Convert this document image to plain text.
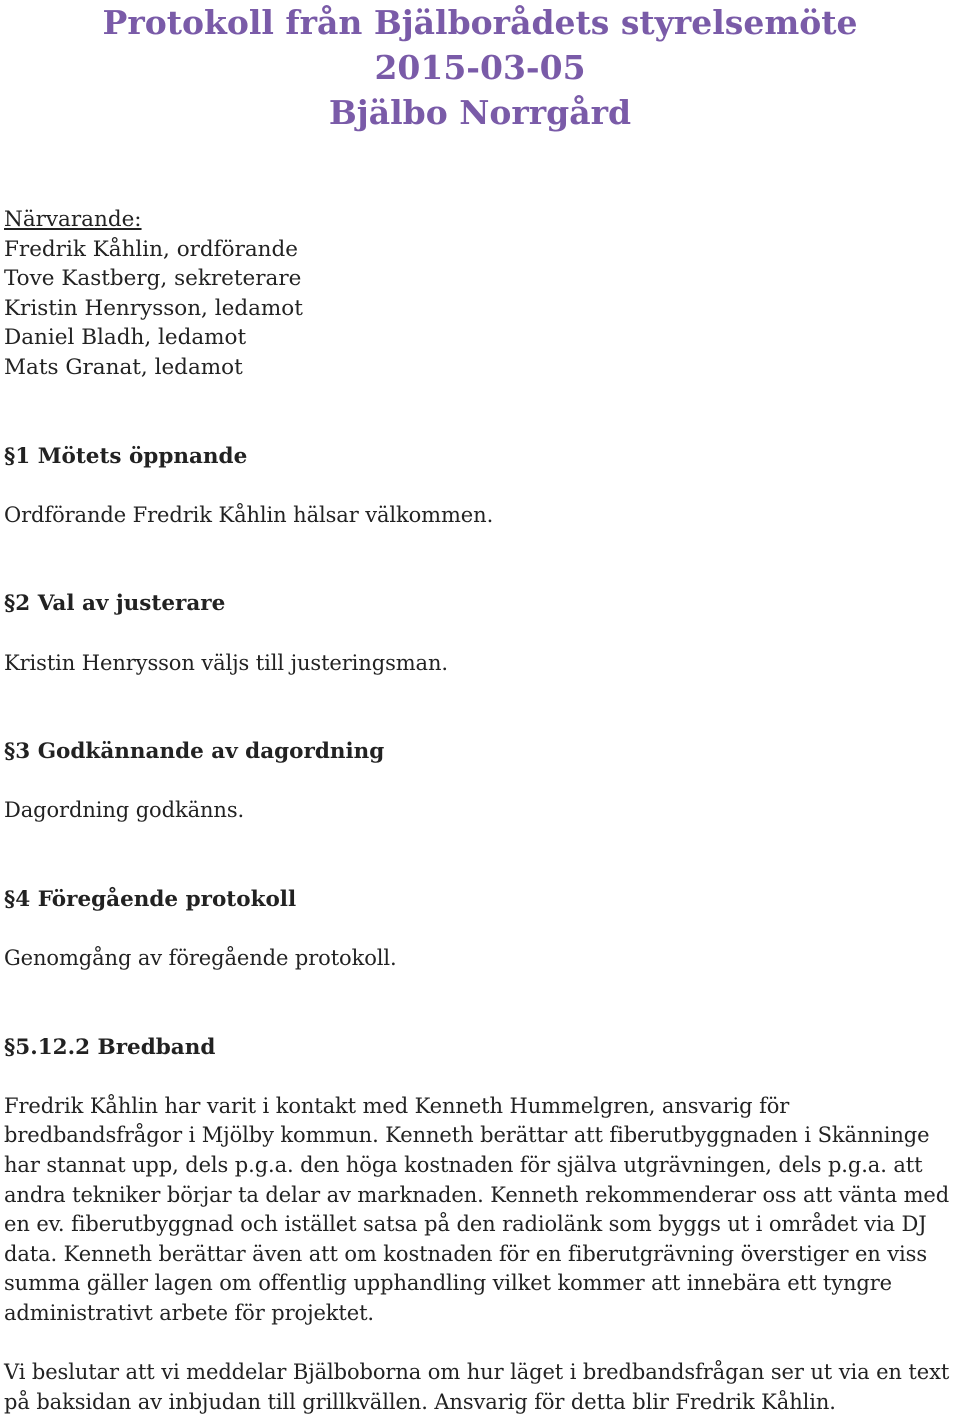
Protokoll från Bjälborådets styrelsemöte
2015-03-05
Bjälbo Norrgård
Närvarande:
Fredrik Kåhlin, ordförande
Tove Kastberg, sekreterare
Kristin Henrysson, ledamot
Daniel Bladh, ledamot
Mats Granat, ledamot
§1 Mötets öppnande

Ordförande Fredrik Kåhlin hälsar välkommen.

§2 Val av justerare

Kristin Henrysson väljs till justeringsman.

§3 Godkännande av dagordning

Dagordning godkänns.

§4 Föregående protokoll

Genomgång av föregående protokoll.

§5.12.2 Bredband

Fredrik Kåhlin har varit i kontakt med Kenneth Hummelgren, ansvarig för bredbandsfrågor i Mjölby kommun. Kenneth berättar att fiberutbyggnaden i Skänninge har stannat upp, dels p.g.a. den höga kostnaden för själva utgrävningen, dels p.g.a. att andra tekniker börjar ta delar av marknaden. Kenneth rekommenderar oss att vänta med en ev. fiberutbyggnad och istället satsa på den radiolänk som byggs ut i området via DJ data. Kenneth berättar även att om kostnaden för en fiberutgrävning överstiger en viss summa gäller lagen om offentlig upphandling vilket kommer att innebära ett tyngre administrativt arbete för projektet.

Vi beslutar att vi meddelar Bjälboborna om hur läget i bredbandsfrågan ser ut via en text på baksidan av inbjudan till grillkvällen. Ansvarig för detta blir Fredrik Kåhlin.
